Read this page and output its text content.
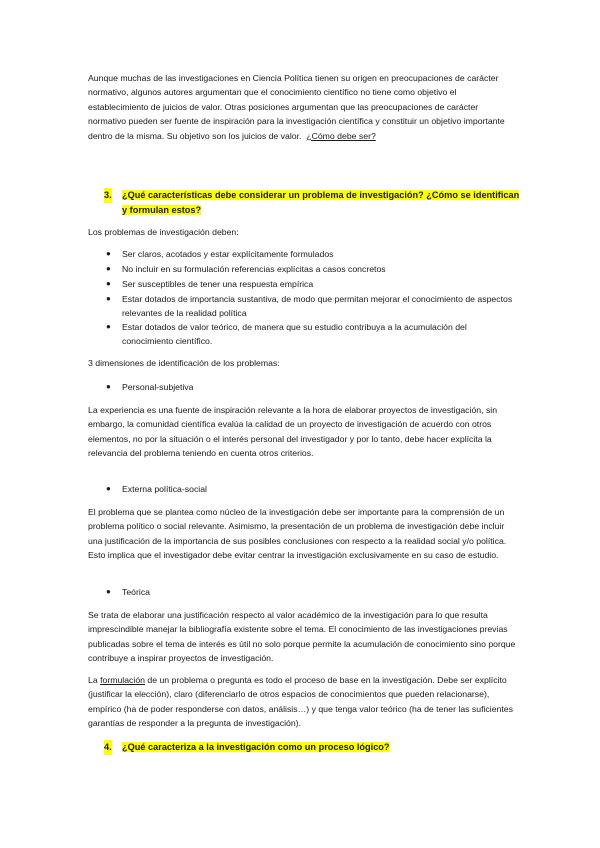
Aunque muchas de las investigaciones en Ciencia Política tienen su origen en preocupaciones de carácter normativo, algunos autores argumentan que el conocimiento científico no tiene como objetivo el establecimiento de juicios de valor. Otras posiciones argumentan que las preocupaciones de carácter normativo pueden ser fuente de inspiración para la investigación científica y constituir un objetivo importante dentro de la misma. Su objetivo son los juicios de valor. ¿Cómo debe ser?

3. ¿Qué características debe considerar un problema de investigación? ¿Cómo se identifican y formulan estos?

Los problemas de investigación deben:

● Ser claros, acotados y estar explícitamente formulados
● No incluir en su formulación referencias explícitas a casos concretos
● Ser susceptibles de tener una respuesta empírica
● Estar dotados de importancia sustantiva, de modo que permitan mejorar el conocimiento de aspectos relevantes de la realidad política
● Estar dotados de valor teórico, de manera que su estudio contribuya a la acumulación del conocimiento científico.

3 dimensiones de identificación de los problemas:

● Personal-subjetiva

La experiencia es una fuente de inspiración relevante a la hora de elaborar proyectos de investigación, sin embargo, la comunidad científica evalúa la calidad de un proyecto de investigación de acuerdo con otros elementos, no por la situación o el interés personal del investigador y por lo tanto, debe hacer explícita la relevancia del problema teniendo en cuenta otros criterios.

● Externa política-social

El problema que se plantea como núcleo de la investigación debe ser importante para la comprensión de un problema político o social relevante. Asimismo, la presentación de un problema de investigación debe incluir una justificación de la importancia de sus posibles conclusiones con respecto a la realidad social y/o política. Esto implica que el investigador debe evitar centrar la investigación exclusivamente en su caso de estudio.

● Teórica

Se trata de elaborar una justificación respecto al valor académico de la investigación para lo que resulta imprescindible manejar la bibliografía existente sobre el tema. El conocimiento de las investigaciones previas publicadas sobre el tema de interés es útil no solo porque permite la acumulación de conocimiento sino porque contribuye a inspirar proyectos de investigación.

La formulación de un problema o pregunta es todo el proceso de base en la investigación. Debe ser explícito (justificar la elección), claro (diferenciarlo de otros espacios de conocimientos que pueden relacionarse), empírico (ha de poder responderse con datos, análisis…) y que tenga valor teórico (ha de tener las suficientes garantías de responder a la pregunta de investigación).

4. ¿Qué caracteriza a la investigación como un proceso lógico?
